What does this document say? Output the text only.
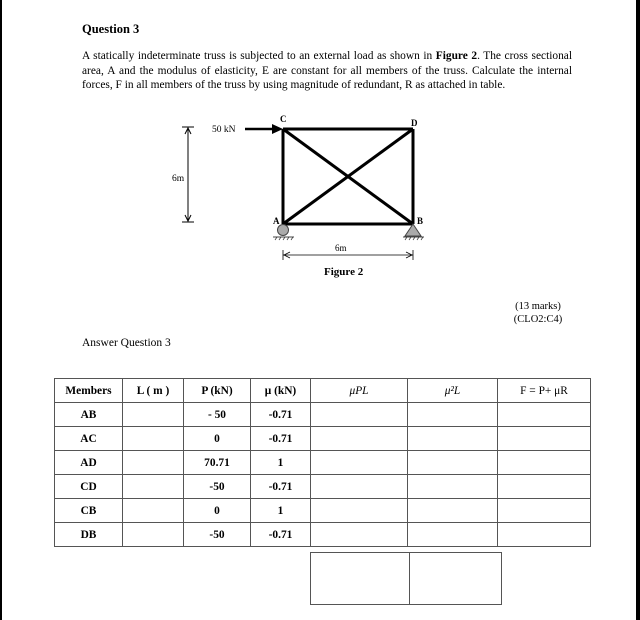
Question 3
A statically indeterminate truss is subjected to an external load as shown in Figure 2. The cross sectional area, A and the modulus of elasticity, E are constant for all members of the truss. Calculate the internal forces, F in all members of the truss by using magnitude of redundant, R as attached in table.
6m
50 kN
C	D
A	B
6m
Figure 2
(13 marks)
(CLO2:C4)
Answer Question 3
Members	L ( m )	P (kN)	μ (kN)	μPL	μ²L	F = P+ μR
AB		- 50	-0.71			
AC		0	-0.71			
AD		70.71	1			
CD		-50	-0.71			
CB		0	1			
DB		-50	-0.71			
